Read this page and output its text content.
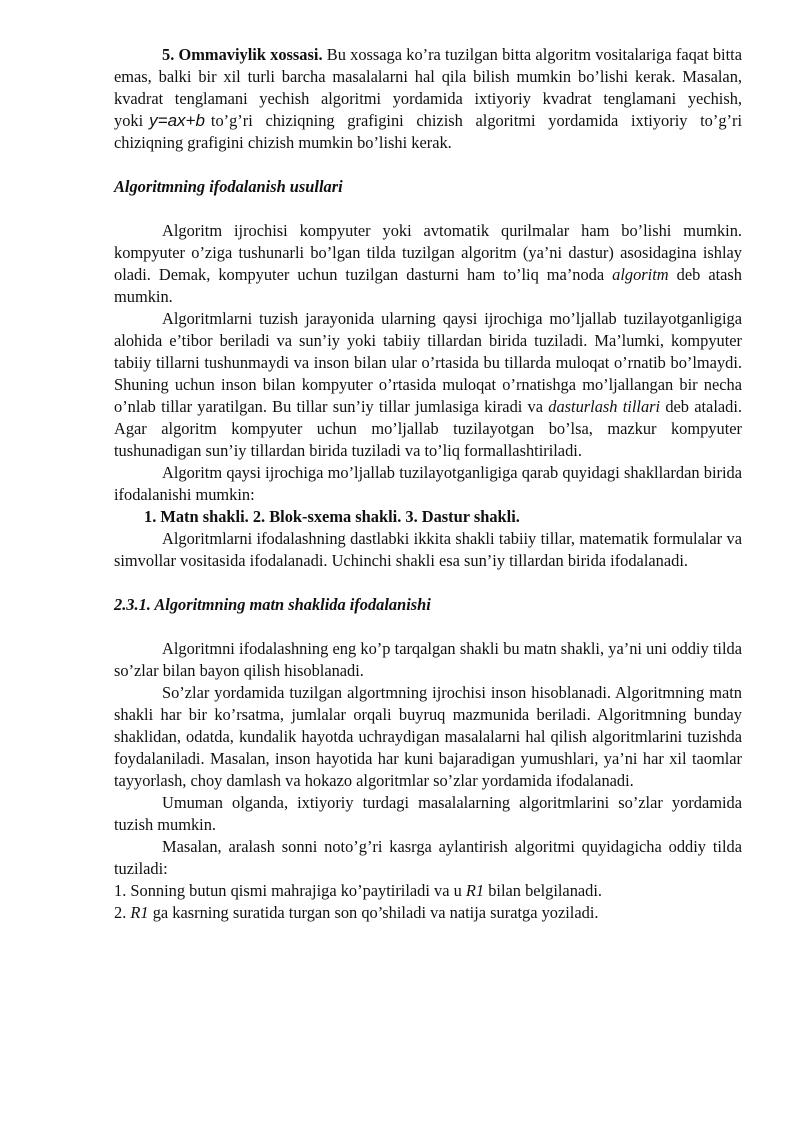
5. Ommaviylik xossasi. Bu xossaga ko’ra tuzilgan bitta algoritm vositalariga faqat bitta emas, balki bir xil turli barcha masalalarni hal qila bilish mumkin bo’lishi kerak. Masalan, kvadrat tenglamani yechish algoritmi yordamida ixtiyoriy kvadrat tenglamani yechish, yoki y=ax+b to’g’ri chiziqning grafigini chizish algoritmi yordamida ixtiyoriy to’g’ri chiziqning grafigini chizish mumkin bo’lishi kerak.

Algoritmning ifodalanish usullari

Algoritm ijrochisi kompyuter yoki avtomatik qurilmalar ham bo’lishi mumkin. kompyuter o’ziga tushunarli bo’lgan tilda tuzilgan algoritm (ya’ni dastur) asosidagina ishlay oladi. Demak, kompyuter uchun tuzilgan dasturni ham to’liq ma’noda algoritm deb atash mumkin.

Algoritmlarni tuzish jarayonida ularning qaysi ijrochiga mo’ljallab tuzilayotganligiga alohida e’tibor beriladi va sun’iy yoki tabiiy tillardan birida tuziladi. Ma’lumki, kompyuter tabiiy tillarni tushunmaydi va inson bilan ular o’rtasida bu tillarda muloqat o’rnatib bo’lmaydi. Shuning uchun inson bilan kompyuter o’rtasida muloqat o’rnatishga mo’ljallangan bir necha o’nlab tillar yaratilgan. Bu tillar sun’iy tillar jumlasiga kiradi va dasturlash tillari deb ataladi. Agar algoritm kompyuter uchun mo’ljallab tuzilayotgan bo’lsa, mazkur kompyuter tushunadigan sun’iy tillardan birida tuziladi va to’liq formallashtiriladi.

Algoritm qaysi ijrochiga mo’ljallab tuzilayotganligiga qarab quyidagi shakllardan birida ifodalanishi mumkin:

1. Matn shakli. 2. Blok-sxema shakli. 3. Dastur shakli.

Algoritmlarni ifodalashning dastlabki ikkita shakli tabiiy tillar, matematik formulalar va simvollar vositasida ifodalanadi. Uchinchi shakli esa sun’iy tillardan birida ifodalanadi.

2.3.1. Algoritmning matn shaklida ifodalanishi

Algoritmni ifodalashning eng ko’p tarqalgan shakli bu matn shakli, ya’ni uni oddiy tilda so’zlar bilan bayon qilish hisoblanadi.

So’zlar yordamida tuzilgan algortmning ijrochisi inson hisoblanadi. Algoritmning matn shakli har bir ko’rsatma, jumlalar orqali buyruq mazmunida beriladi. Algoritmning bunday shaklidan, odatda, kundalik hayotda uchraydigan masalalarni hal qilish algoritmlarini tuzishda foydalaniladi. Masalan, inson hayotida har kuni bajaradigan yumushlari, ya’ni har xil taomlar tayyorlash, choy damlash va hokazo algoritmlar so’zlar yordamida ifodalanadi.

Umuman olganda, ixtiyoriy turdagi masalalarning algoritmlarini so’zlar yordamida tuzish mumkin.

Masalan, aralash sonni noto’g’ri kasrga aylantirish algoritmi quyidagicha oddiy tilda tuziladi:

1. Sonning butun qismi mahrajiga ko’paytiriladi va u R1 bilan belgilanadi.

2. R1 ga kasrning suratida turgan son qo’shiladi va natija suratga yoziladi.
